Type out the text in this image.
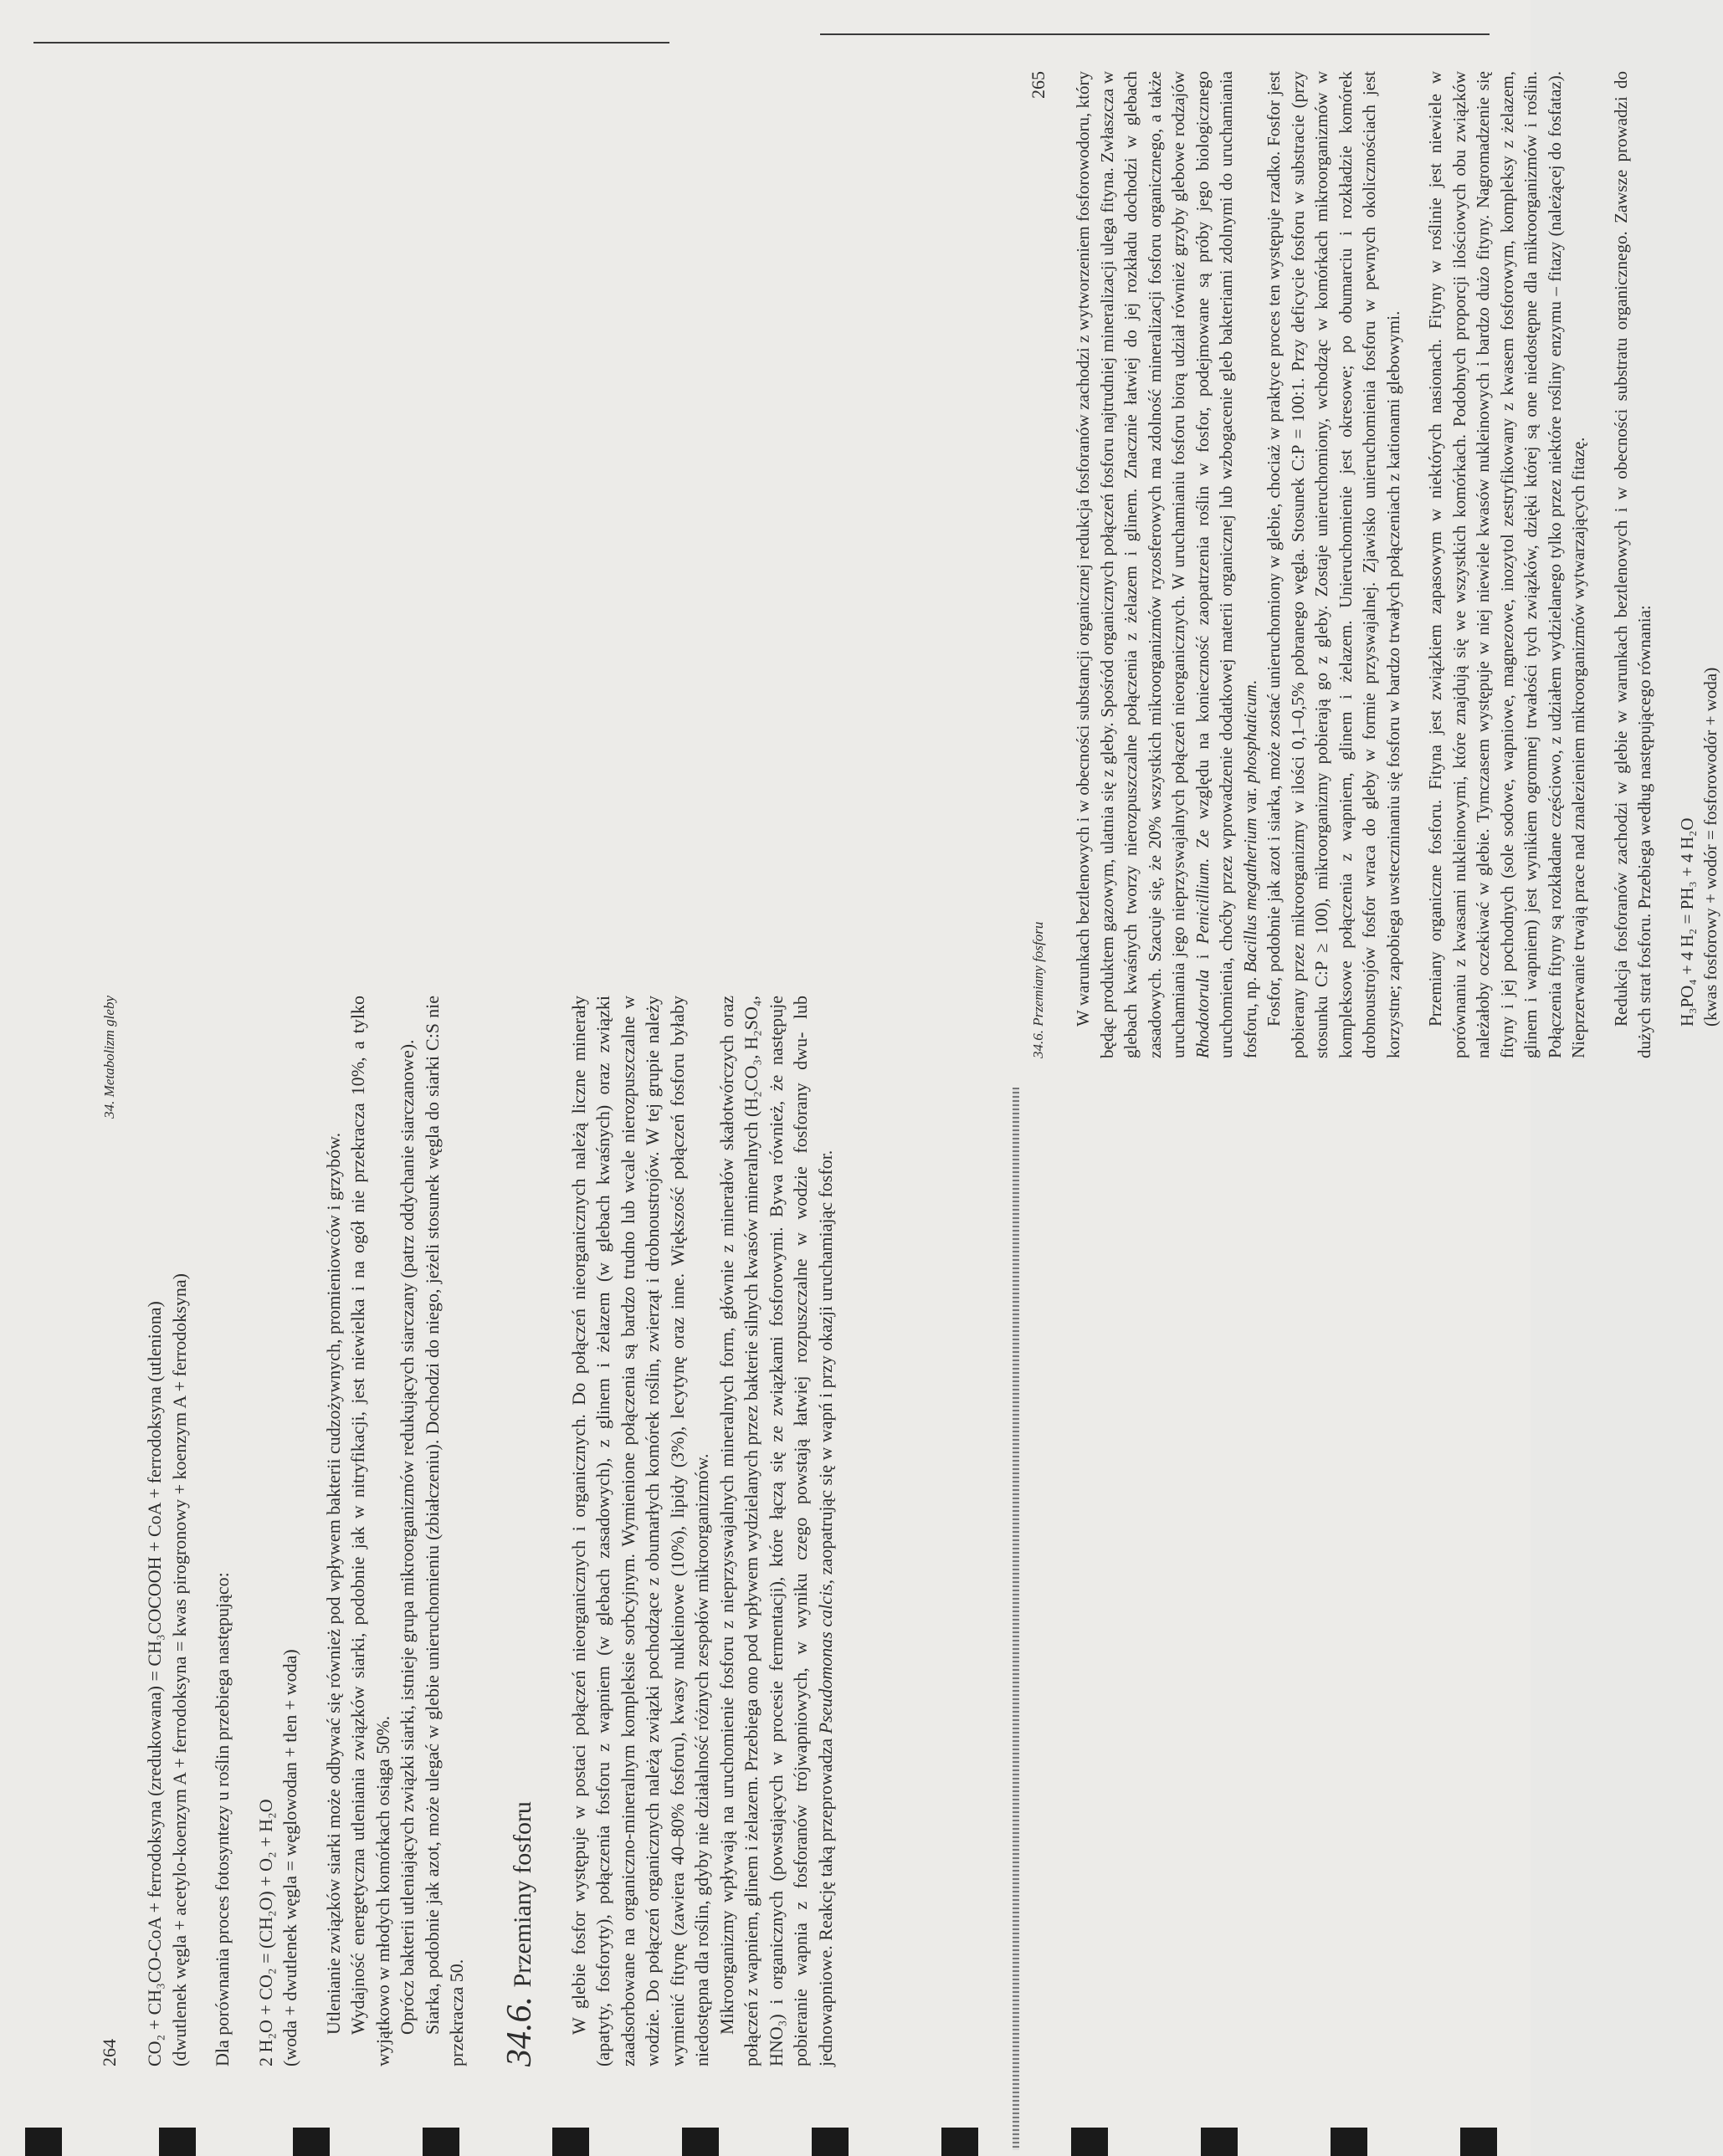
264
34. Metabolizm gleby

CO₂ + CH₃CO-CoA + ferrodoksyna (zredukowana) = CH₃COCOOH + CoA + ferrodoksyna (utleniona) (dwutlenek węgla + acetylo-koenzym A + ferrodoksyna = kwas pirogronowy + koenzym A + ferrodoksyna) Dla porównania proces fotosyntezy u roślin przebiega następująco: 2 H₂O + CO₂ = (CH₂O) + O₂ + H₂O (woda + dwutlenek węgla = węglowodan + tlen + woda) Utlenianie związków siarki może odbywać się również pod wpływem bakterii cudzożywnych, promieniowców i grzybów. Wydajność energetyczna utleniania związków siarki, podobnie jak w nitryfikacji, jest niewielka i na ogół nie przekracza 10%, a tylko wyjątkowo w młodych komórkach osiąga 50%. Oprócz bakterii utleniających związki siarki, istnieje grupa mikroorganizmów redukujących siarczany (patrz oddychanie siarczanowe). Siarka, podobnie jak azot, może ulegać w glebie unieruchomieniu (zbiałczeniu). Dochodzi do niego, jeżeli stosunek węgla do siarki C:S nie przekracza 50. 34.6. Przemiany fosforu	W glebie fosfor występuje w postaci połączeń nieorganicznych i organicznych. Do połączeń nieorganicznych należą liczne minerały (apatyty, fosforyty), połączenia fosforu z wapniem (w glebach zasadowych), z glinem i żelazem (w glebach kwaśnych) oraz związki zaadsorbowane na organiczno-mineralnym kompleksie sorbcyjnym. Wymienione połączenia są bardzo trudno lub wcale nierozpuszczalne w wodzie. Do połączeń organicznych należą związki pochodzące z obumarłych komórek roślin, zwierząt i drobnoustrojów. W tej grupie należy wymienić fitynę (zawiera 40–80% fosforu), kwasy nukleinowe (10%), lipidy (3%), lecytynę oraz inne. Większość połączeń fosforu byłaby niedostępna dla roślin, gdyby nie działalność różnych zespołów mikroorganizmów. Mikroorganizmy wpływają na uruchomienie fosforu z nieprzyswajalnych mineralnych form, głównie z minerałów skałotwórczych oraz połączeń z wapniem, glinem i żelazem. Przebiega ono pod wpływem wydzielanych przez bakterie silnych kwasów mineralnych (H₂CO₃, H₂SO₄, HNO₃) i organicznych (powstających w procesie fermentacji), które łączą się ze związkami fosforowymi. Bywa również, że następuje pobieranie wapnia z fosforanów trójwapniowych, w wyniku czego powstają łatwiej rozpuszczalne w wodzie fosforany dwu- lub jednowapniowe. Reakcję taką przeprowadza Pseudomonas calcis, zaopatrując się w wapń i przy okazji uruchamiając fosfor.

34.6. Przemiany fosforu
265 W warunkach beztlenowych i w obecności substancji organicznej redukcja fosforanów zachodzi z wytworzeniem fosforowodoru, który będąc produktem gazowym, ulatnia się z gleby. Spośród organicznych połączeń fosforu najtrudniej mineralizacji ulega fityna. Zwłaszcza w glebach kwaśnych tworzy nierozpuszczalne połączenia z żelazem i glinem. Znacznie łatwiej do jej rozkładu dochodzi w glebach zasadowych. Szacuje się, że 20% wszystkich mikroorganizmów ryzosferowych ma zdolność mineralizacji fosforu organicznego, a także uruchamiania jego nieprzyswajalnych połączeń nieorganicznych. W uruchamianiu fosforu biorą udział również grzyby glebowe rodzajów Rhodotorula i Penicillium. Ze względu na konieczność zaopatrzenia roślin w fosfor, podejmowane są próby jego biologicznego uruchomienia, choćby przez wprowadzenie dodatkowej materii organicznej lub wzbogacenie gleb bakteriami zdolnymi do uruchamiania fosforu, np. Bacillus megatherium var. phosphaticum. Fosfor, podobnie jak azot i siarka, może zostać unieruchomiony w glebie, chociaż w praktyce proces ten występuje rzadko. Fosfor jest pobierany przez mikroorganizmy w ilości 0,1–0,5% pobranego węgla. Stosunek C:P = 100:1. Przy deficycie fosforu w substracie (przy stosunku C:P ≥ 100), mikroorganizmy pobierają go z gleby. Zostaje unieruchomiony, wchodząc w komórkach mikroorganizmów w kompleksowe połączenia z wapniem, glinem i żelazem. Unieruchomienie jest okresowe; po obumarciu i rozkładzie komórek drobnoustrojów fosfor wraca do gleby w formie przyswajalnej. Zjawisko unieruchomienia fosforu w pewnych okolicznościach jest korzystne; zapobiega uwsteczninaniu się fosforu w bardzo trwałych połączeniach z kationami glebowymi. Przemiany organiczne fosforu. Fityna jest związkiem zapasowym w niektórych nasionach. Fityny w roślinie jest niewiele w porównaniu z kwasami nukleinowymi, które znajdują się we wszystkich komórkach. Podobnych proporcji ilościowych obu związków należałoby oczekiwać w glebie. Tymczasem występuje w niej niewiele kwasów nukleinowych i bardzo dużo fityny. Nagromadzenie się fityny i jej pochodnych (sole sodowe, wapniowe, magnezowe, inozytol zestryfikowany z kwasem fosforowym, kompleksy z żelazem, glinem i wapniem) jest wynikiem ogromnej trwałości tych związków, dzięki której są one niedostępne dla mikroorganizmów i roślin. Połączenia fityny są rozkładane częściowo, z udziałem wydzielanego tylko przez niektóre rośliny enzymu – fitazy (należącej do fosfataz). Nieprzerwanie trwają prace nad znalezieniem mikroorganizmów wytwarzających fitazę. Redukcja fosforanów zachodzi w glebie w warunkach beztlenowych i w obecności substratu organicznego. Zawsze prowadzi do dużych strat fosforu. Przebiega według następującego równania: H₃PO₄ + 4 H₂ = PH₃ + 4 H₂O (kwas fosforowy + wodór = fosforowodór + woda)
